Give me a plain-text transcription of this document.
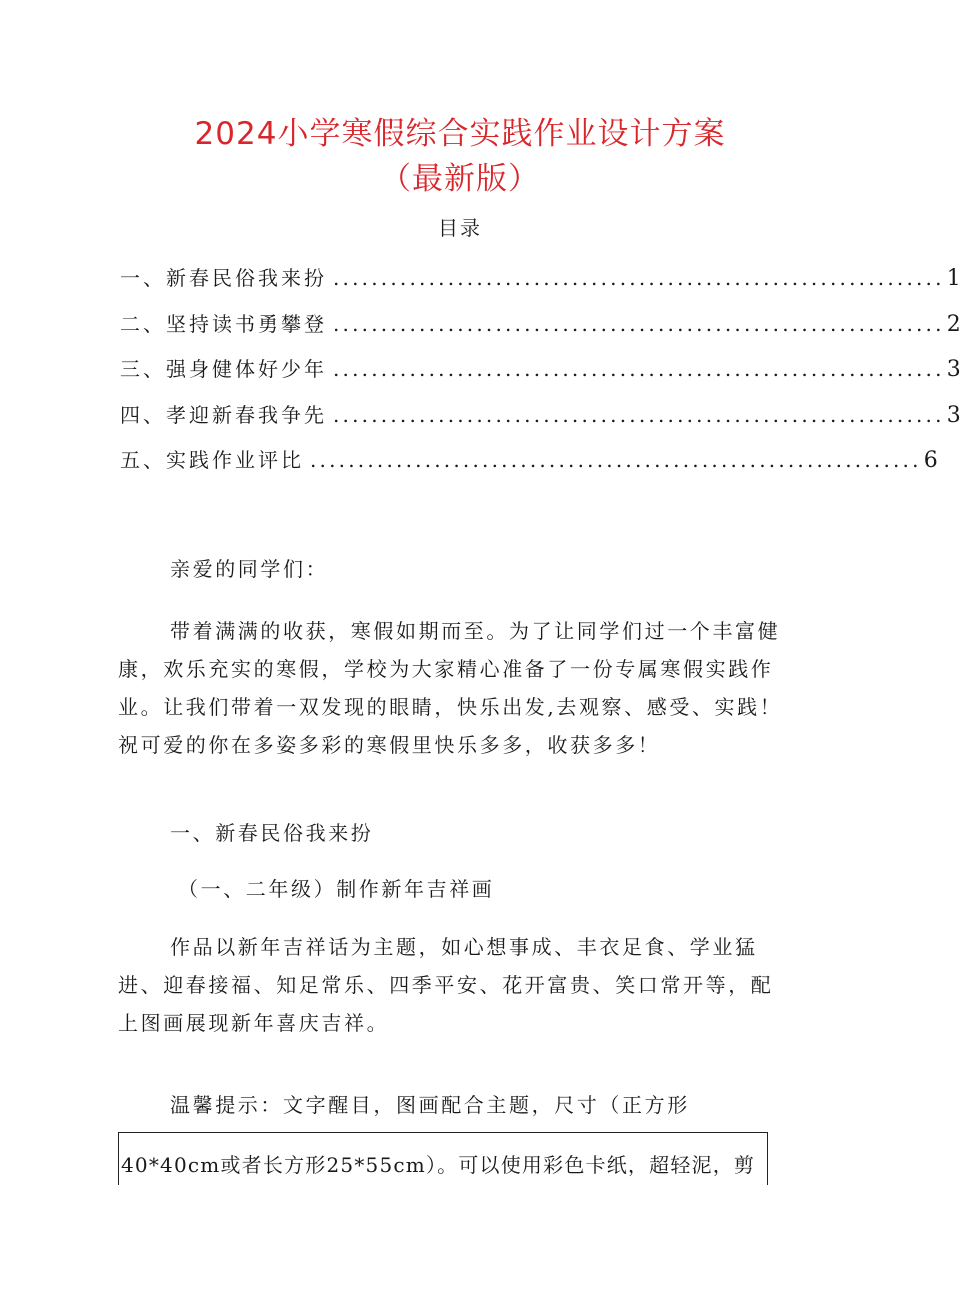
2024小学寒假综合实践作业设计方案
（最新版）
目录
一、新春民俗我来扮 ................................................................ 1
二、坚持读书勇攀登 ................................................................ 2
三、强身健体好少年 ................................................................ 3
四、孝迎新春我争先 ................................................................ 3
五、实践作业评比 ................................................................ 6

亲爱的同学们：

带着满满的收获，寒假如期而至。为了让同学们过一个丰富健康，欢乐充实的寒假，学校为大家精心准备了一份专属寒假实践作业。让我们带着一双发现的眼睛，快乐出发,去观察、感受、实践！祝可爱的你在多姿多彩的寒假里快乐多多，收获多多！

一、新春民俗我来扮

（一、二年级）制作新年吉祥画

作品以新年吉祥话为主题，如心想事成、丰衣足食、学业猛进、迎春接福、知足常乐、四季平安、花开富贵、笑口常开等，配上图画展现新年喜庆吉祥。

温馨提示：文字醒目，图画配合主题，尺寸（正方形

40*40cm或者长方形25*55cm）。可以使用彩色卡纸，超轻泥，剪
